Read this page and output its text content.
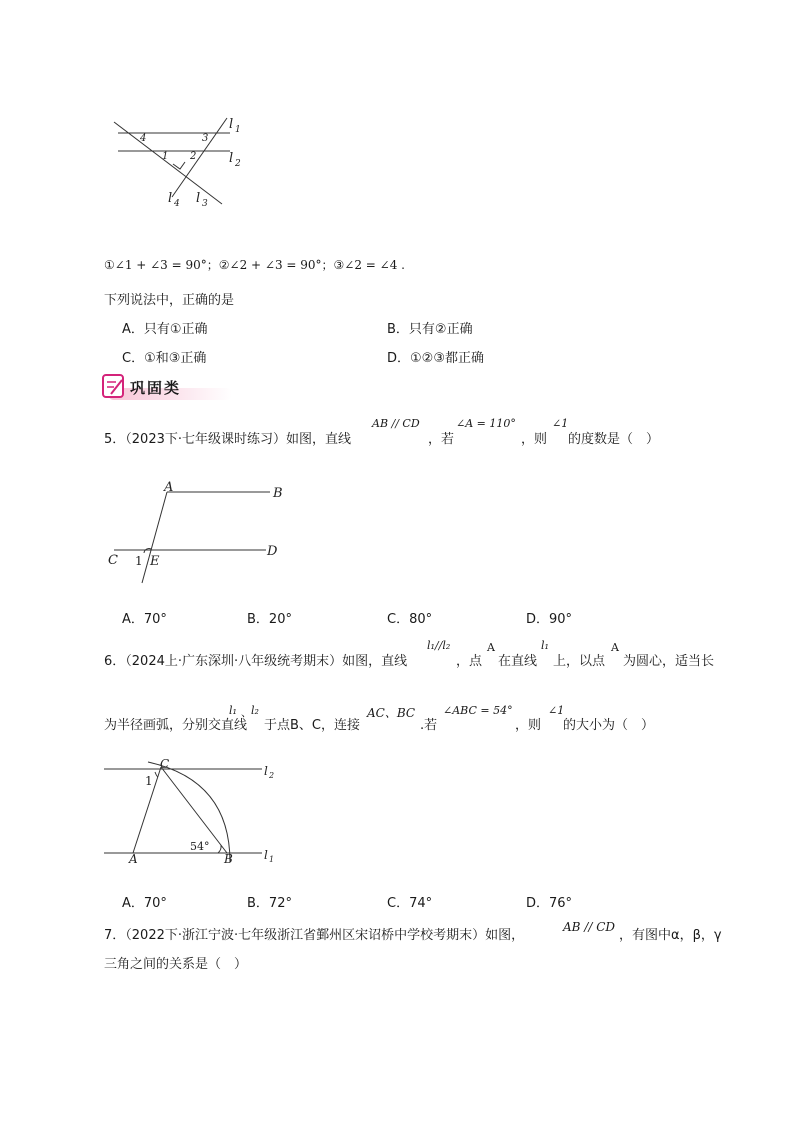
4	3
1 2
l 1
l 2
l 4 l 3
①∠1 + ∠3 = 90°；②∠2 + ∠3 = 90°；③∠2 = ∠4 .
下列说法中，正确的是
A．只有①正确	B．只有②正确
C．①和③正确	D．①②③都正确
巩固类
5．（2023下·七年级课时练习）如图，直线
AB // CD
，若
∠A = 110°
，则
∠1
的度数是（　）
A	B
C
D
E
1
A．70°	B．20°	C．80°	D．90°
6．（2024上·广东深圳·八年级统考期末）如图，直线
l₁//l₂
，点
A
在直线
l₁
上，以点
A
为圆心，适当长
为半径画弧，分别交直线
l₁ 、 l₂
于点B、C，连接
AC、BC
.若
∠ABC = 54°
，则
∠1
的大小为（　）
C
1
A	B
54°
l 2
l 1
A．70°	B．72°	C．74°	D．76°
7．（2022下·浙江宁波·七年级浙江省鄞州区宋诏桥中学校考期末）如图，
AB // CD
，有图中α，β，γ
三角之间的关系是（　）
